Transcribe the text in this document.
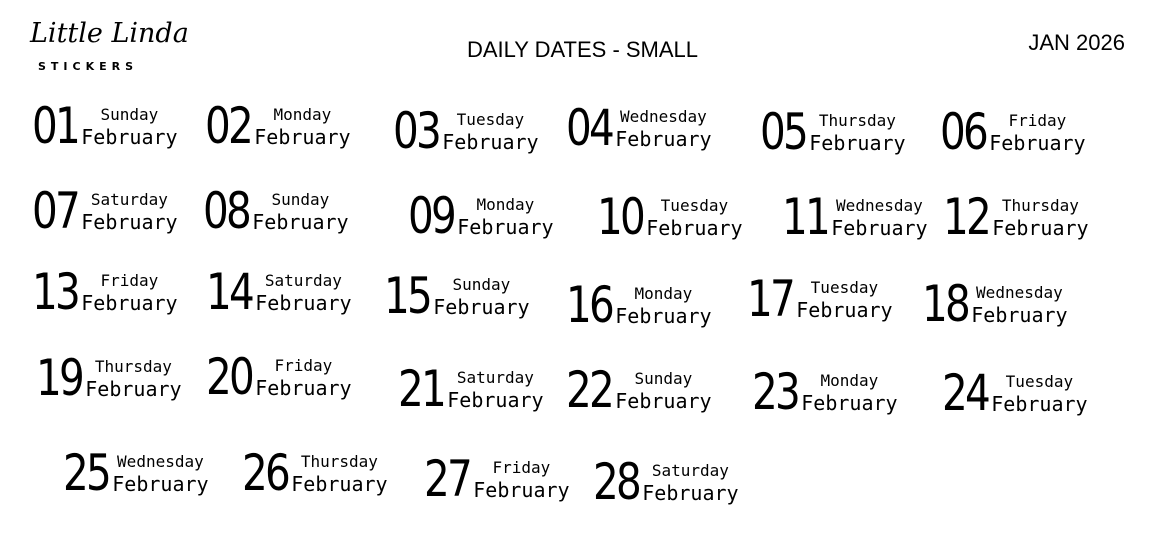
Little Linda
STICKERS
DAILY DATES - SMALL	JAN 2026
01	Sunday
February 02	Monday
February 03	Tuesday
February 04 Wednesday
February 05 Thursday
February 06	Friday
February
07 Saturday
February 08	Sunday
February 09	Monday
February 10	Tuesday
February 11 Wednesday
February 12 Thursday
February
13	Friday
February 14 Saturday
February 15	Sunday
February 16	Monday
February 17	Tuesday
February 18 Wednesday
February
19 Thursday
February 20	Friday
February 21 Saturday
February 22	Sunday
February 23	Monday
February 24	Tuesday
February
25 Wednesday
February 26 Thursday
February 27	Friday
February 28 Saturday
February
